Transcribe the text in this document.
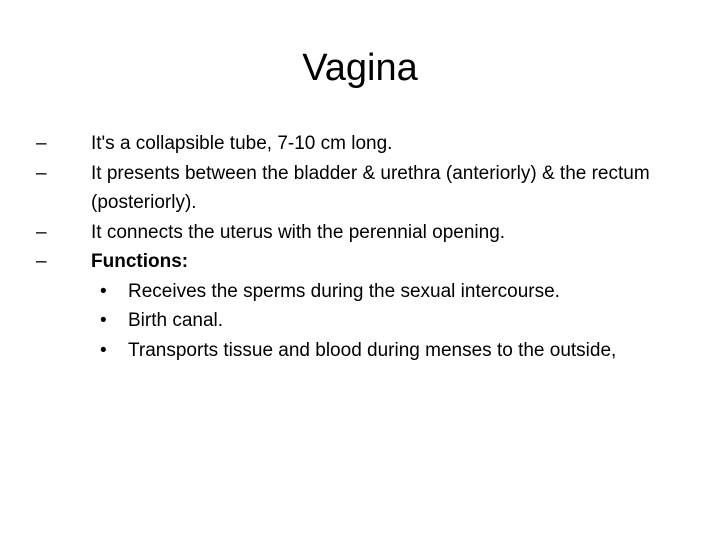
Vagina
–	It's a collapsible tube, 7-10 cm long.
–	It presents between the bladder & urethra (anteriorly) & the rectum (posteriorly).
–	It connects the uterus with the perennial opening.
–	Functions:
•	Receives the sperms during the sexual intercourse.
•	Birth canal.
•	Transports tissue and blood during menses to the outside,
